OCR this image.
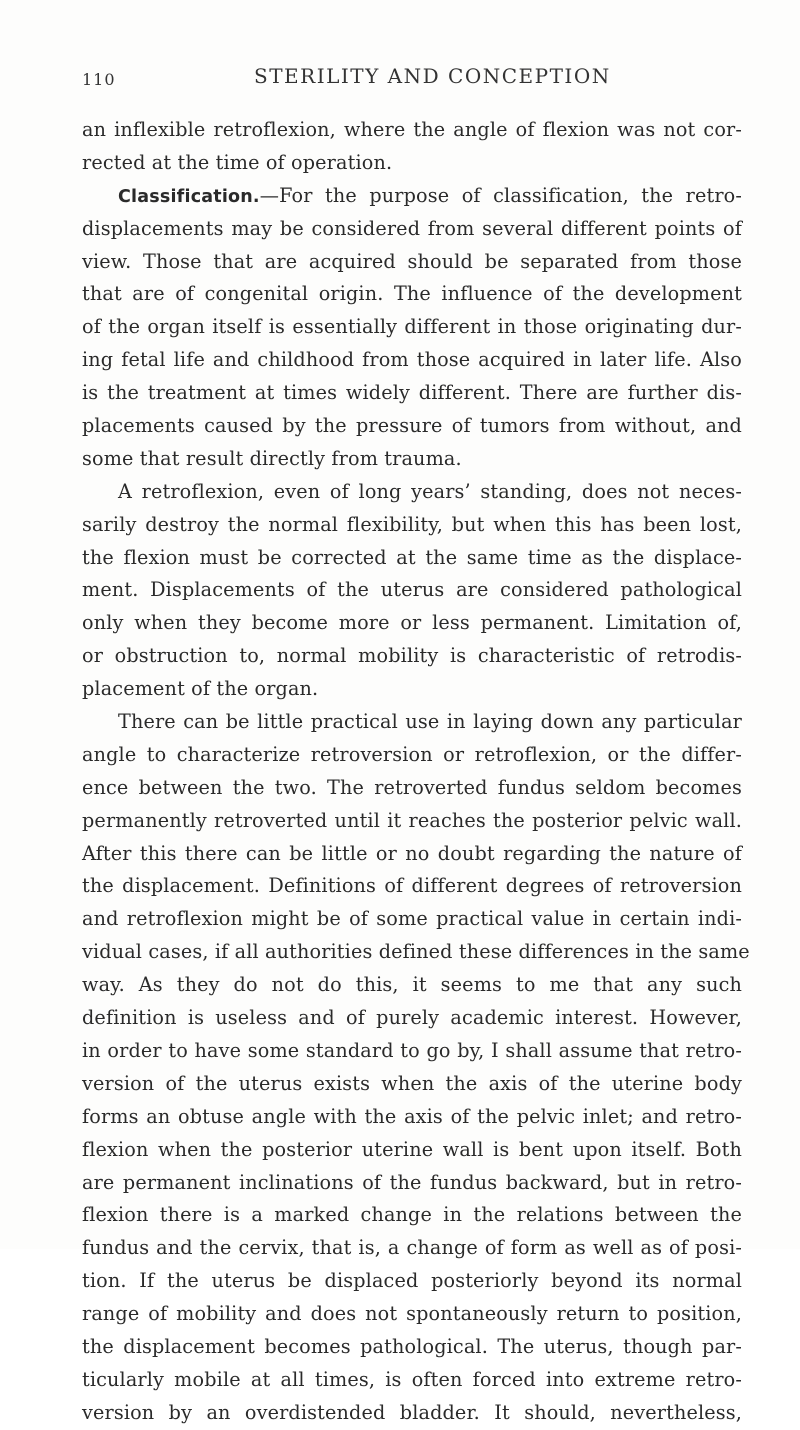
110	STERILITY AND CONCEPTION
an inflexible retroflexion, where the angle of flexion was not cor-
rected at the time of operation.
Classification.—For the purpose of classification, the retro-
displacements may be considered from several different points of
view. Those that are acquired should be separated from those
that are of congenital origin. The influence of the development
of the organ itself is essentially different in those originating dur-
ing fetal life and childhood from those acquired in later life. Also
is the treatment at times widely different. There are further dis-
placements caused by the pressure of tumors from without, and
some that result directly from trauma.
A retroflexion, even of long years’ standing, does not neces-
sarily destroy the normal flexibility, but when this has been lost,
the flexion must be corrected at the same time as the displace-
ment. Displacements of the uterus are considered pathological
only when they become more or less permanent. Limitation of,
or obstruction to, normal mobility is characteristic of retrodis-
placement of the organ.
There can be little practical use in laying down any particular
angle to characterize retroversion or retroflexion, or the differ-
ence between the two. The retroverted fundus seldom becomes
permanently retroverted until it reaches the posterior pelvic wall.
After this there can be little or no doubt regarding the nature of
the displacement. Definitions of different degrees of retroversion
and retroflexion might be of some practical value in certain indi-
vidual cases, if all authorities defined these differences in the same
way. As they do not do this, it seems to me that any such
definition is useless and of purely academic interest. However,
in order to have some standard to go by, I shall assume that retro-
version of the uterus exists when the axis of the uterine body
forms an obtuse angle with the axis of the pelvic inlet; and retro-
flexion when the posterior uterine wall is bent upon itself. Both
are permanent inclinations of the fundus backward, but in retro-
flexion there is a marked change in the relations between the
fundus and the cervix, that is, a change of form as well as of posi-
tion. If the uterus be displaced posteriorly beyond its normal
range of mobility and does not spontaneously return to position,
the displacement becomes pathological. The uterus, though par-
ticularly mobile at all times, is often forced into extreme retro-
version by an overdistended bladder. It should, nevertheless,
